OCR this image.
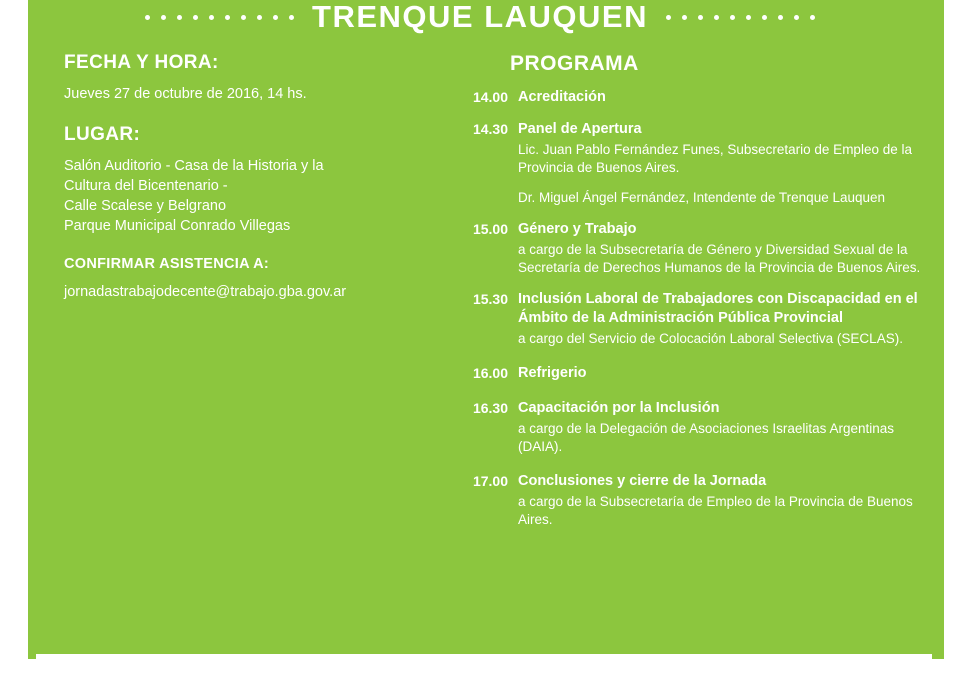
TRENQUE LAUQUEN

FECHA Y HORA:

Jueves 27 de octubre de 2016, 14 hs.

LUGAR:

Salón Auditorio - Casa de la Historia y la

Cultura del Bicentenario -

Calle Scalese y Belgrano

Parque Municipal Conrado Villegas

CONFIRMAR ASISTENCIA A:

jornadastrabajodecente@trabajo.gba.gov.ar

PROGRAMA

14.00 Acreditación

14.30 Panel de Apertura

Lic. Juan Pablo Fernández Funes, Subsecretario de Empleo de la Provincia de Buenos Aires.

Dr. Miguel Ángel Fernández, Intendente de Trenque Lauquen

15.00 Género y Trabajo

a cargo de la Subsecretaría de Género y Diversidad Sexual de la Secretaría de Derechos Humanos de la Provincia de Buenos Aires.

15.30 Inclusión Laboral de Trabajadores con Discapacidad en el Ámbito de la Administración Pública Provincial

a cargo del Servicio de Colocación Laboral Selectiva (SECLAS).

16.00 Refrigerio

16.30 Capacitación por la Inclusión

a cargo de la Delegación de Asociaciones Israelitas Argentinas (DAIA).

17.00 Conclusiones y cierre de la Jornada

a cargo de la Subsecretaría de Empleo de la Provincia de Buenos Aires.
